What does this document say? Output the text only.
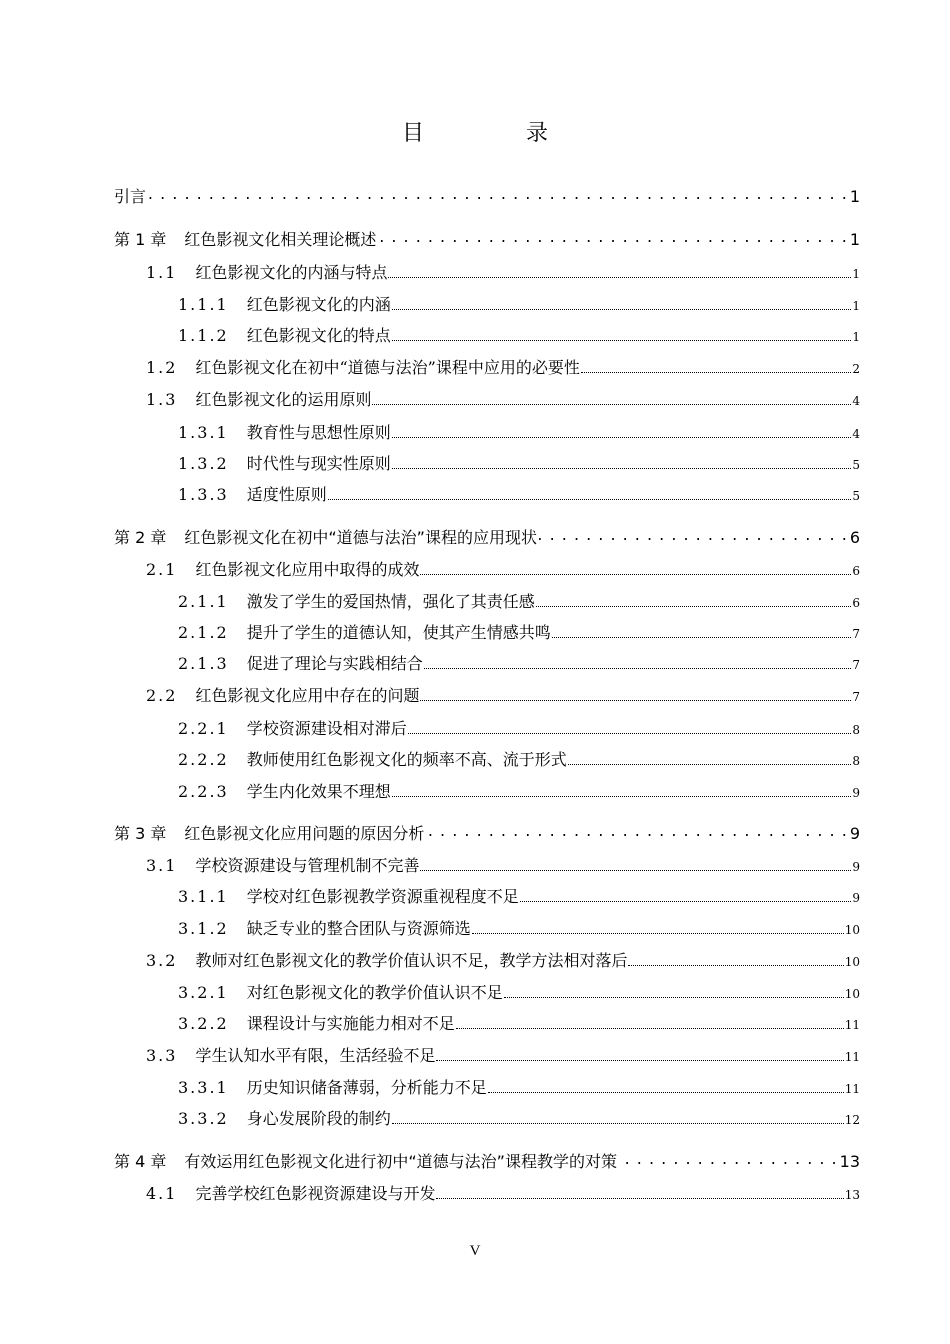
目　录
引言 . . .	1
第 1 章 红色影视文化相关理论概述 . . .	1
1.1 红色影视文化的内涵与特点	1
1.1.1 红色影视文化的内涵	1
1.1.2 红色影视文化的特点	1
1.2 红色影视文化在初中“道德与法治”课程中应用的必要性	2
1.3 红色影视文化的运用原则	4
1.3.1 教育性与思想性原则	4
1.3.2 时代性与现实性原则	5
1.3.3 适度性原则	5
第 2 章 红色影视文化在初中“道德与法治”课程的应用现状 . . .	6
2.1 红色影视文化应用中取得的成效	6
2.1.1 激发了学生的爱国热情，强化了其责任感	6
2.1.2 提升了学生的道德认知，使其产生情感共鸣	7
2.1.3 促进了理论与实践相结合	7
2.2 红色影视文化应用中存在的问题	7
2.2.1 学校资源建设相对滞后	8
2.2.2 教师使用红色影视文化的频率不高、流于形式	8
2.2.3 学生内化效果不理想	9
第 3 章 红色影视文化应用问题的原因分析 . . .	9
3.1 学校资源建设与管理机制不完善	9
3.1.1 学校对红色影视教学资源重视程度不足	9
3.1.2 缺乏专业的整合团队与资源筛选	10
3.2 教师对红色影视文化的教学价值认识不足，教学方法相对落后	10
3.2.1 对红色影视文化的教学价值认识不足	10
3.2.2 课程设计与实施能力相对不足	11
3.3 学生认知水平有限，生活经验不足	11
3.3.1 历史知识储备薄弱，分析能力不足	11
3.3.2 身心发展阶段的制约	12
第 4 章 有效运用红色影视文化进行初中“道德与法治”课程教学的对策 . . .	13
4.1 完善学校红色影视资源建设与开发	13
V
